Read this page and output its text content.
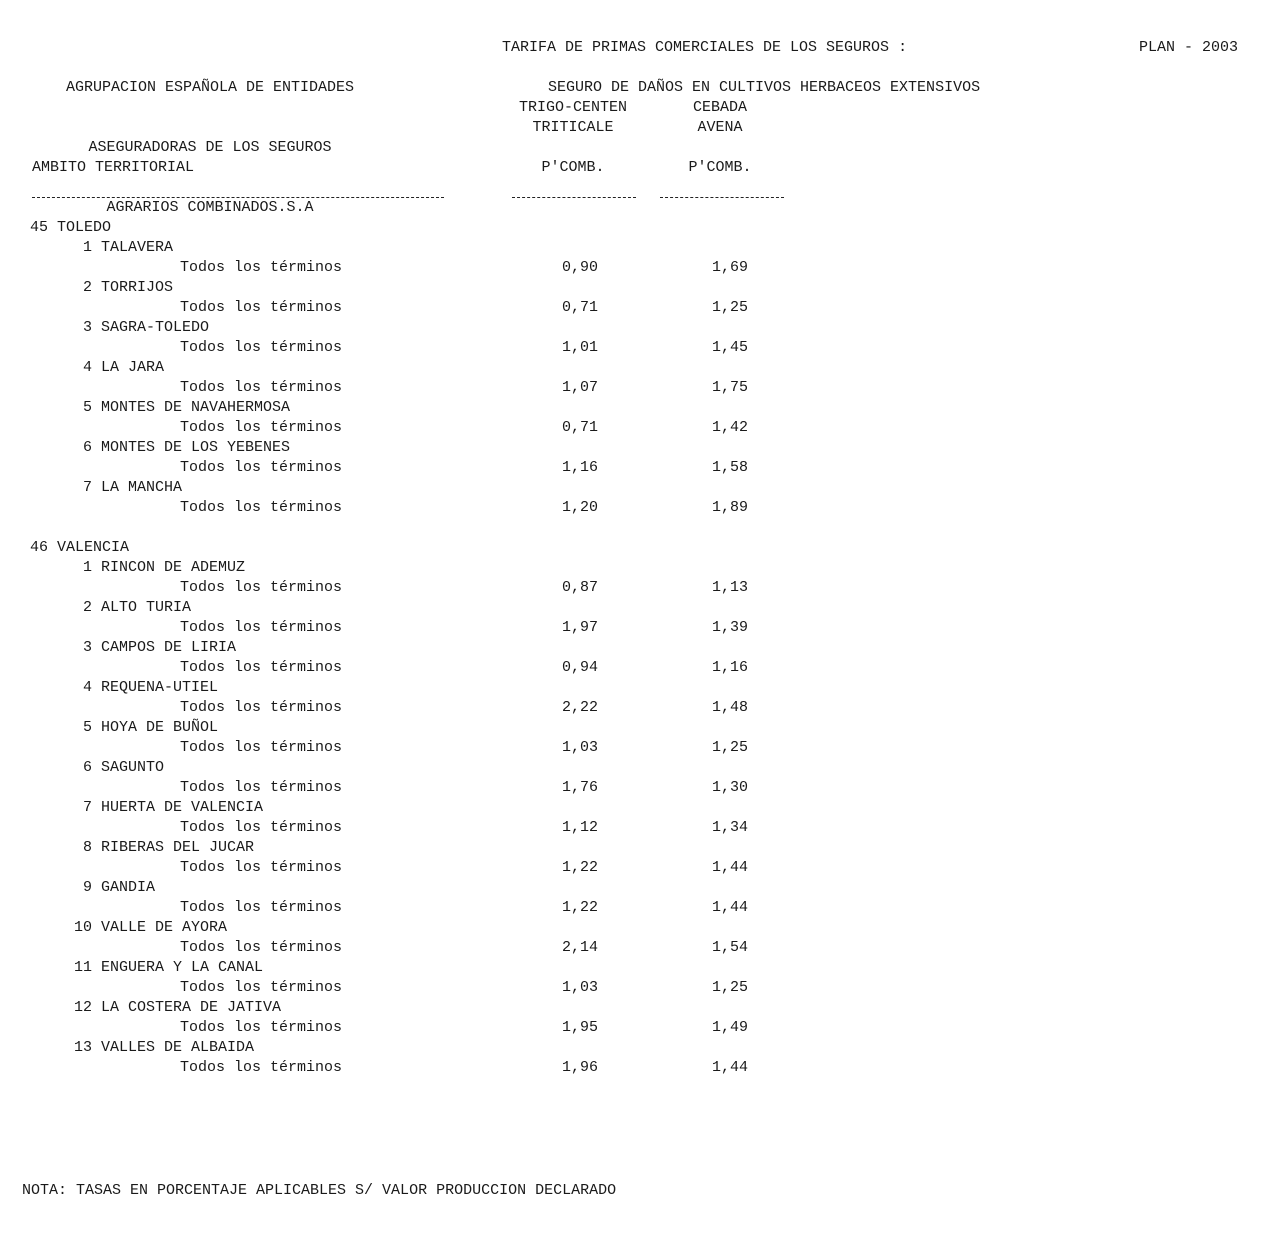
AGRUPACION ESPAÑOLA DE ENTIDADES

ASEGURADORAS DE LOS SEGUROS

AGRARIOS COMBINADOS.S.A

TARIFA DE PRIMAS COMERCIALES DE LOS SEGUROS :	PLAN - 2003
SEGURO DE DAÑOS EN CULTIVOS HERBACEOS EXTENSIVOS
TRIGO-CENTEN
TRITICALE
CEBADA
AVENA
AMBITO TERRITORIAL	P'COMB.	P'COMB.
45 TOLEDO
1 TALAVERA
Todos los términos	0,90	1,69
2 TORRIJOS
Todos los términos	0,71	1,25
3 SAGRA-TOLEDO
Todos los términos	1,01	1,45
4 LA JARA
Todos los términos	1,07	1,75
5 MONTES DE NAVAHERMOSA
Todos los términos	0,71	1,42
6 MONTES DE LOS YEBENES
Todos los términos	1,16	1,58
7 LA MANCHA
Todos los términos	1,20	1,89
46 VALENCIA
1 RINCON DE ADEMUZ
Todos los términos	0,87	1,13
2 ALTO TURIA
Todos los términos	1,97	1,39
3 CAMPOS DE LIRIA
Todos los términos	0,94	1,16
4 REQUENA-UTIEL
Todos los términos	2,22	1,48
5 HOYA DE BUÑOL
Todos los términos	1,03	1,25
6 SAGUNTO
Todos los términos	1,76	1,30
7 HUERTA DE VALENCIA
Todos los términos	1,12	1,34
8 RIBERAS DEL JUCAR
Todos los términos	1,22	1,44
9 GANDIA
Todos los términos	1,22	1,44
10 VALLE DE AYORA
Todos los términos	2,14	1,54
11 ENGUERA Y LA CANAL
Todos los términos	1,03	1,25
12 LA COSTERA DE JATIVA
Todos los términos	1,95	1,49
13 VALLES DE ALBAIDA
Todos los términos	1,96	1,44
NOTA: TASAS EN PORCENTAJE APLICABLES S/ VALOR PRODUCCION DECLARADO
